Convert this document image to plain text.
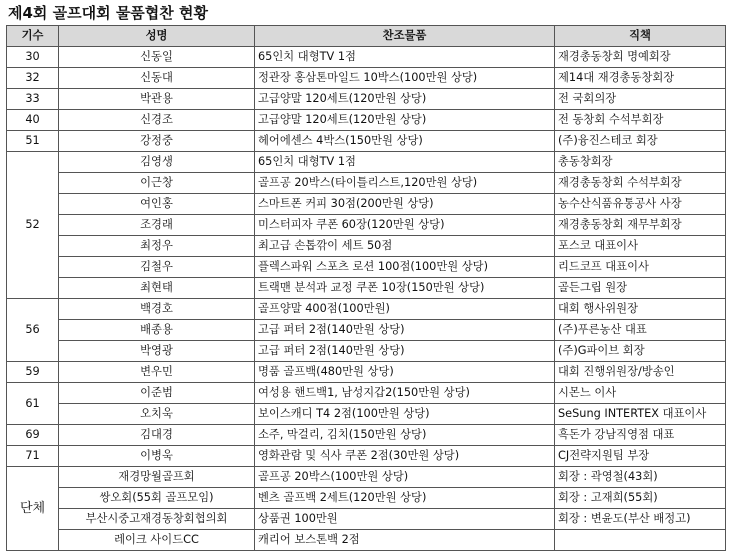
제4회 골프대회 물품협찬 현황
기수	성명	찬조물품	직책
30	신동일	65인치 대형TV 1점	재경총동창회 명예회장
32	신동대	정관장 홍삼톤마일드 10박스(100만원 상당)	제14대 재경총동창회장
33	박관용	고급양말 120세트(120만원 상당)	전 국회의장
40	신경조	고급양말 120세트(120만원 상당)	전 동창회 수석부회장
51	강정중	헤어에센스 4박스(150만원 상당)	(주)융진스테코 회장
52	김영생	65인치 대형TV 1점	총동창회장
	이근창	골프공 20박스(타이틀리스트,120만원 상당)	재경총동창회 수석부회장
	여인홍	스마트폰 커피 30점(200만원 상당)	농수산식품유통공사 사장
	조경래	미스터피자 쿠폰 60장(120만원 상당)	재경총동창회 재무부회장
	최정우	최고급 손톱깎이 세트 50점	포스코 대표이사
	김철우	플렉스파워 스포츠 로션 100점(100만원 상당)	리드코프 대표이사
	최현태	트랙맨 분석과 교정 쿠폰 10장(150만원 상당)	골든그립 원장
56	백경호	골프양말 400점(100만원)	대회 행사위원장
	배종용	고급 퍼터 2점(140만원 상당)	(주)푸른농산 대표
	박영광	고급 퍼터 2점(140만원 상당)	(주)G파이브 회장
59	변우민	명품 골프백(480만원 상당)	대회 진행위원장/방송인
61	이준범	여성용 핸드백1, 남성지갑2(150만원 상당)	시몬느 이사
	오치욱	보이스캐디 T4 2점(100만원 상당)	SeSung INTERTEX 대표이사
69	김대경	소주, 막걸리, 김치(150만원 상당)	흑돈가 강남직영점 대표
71	이병욱	영화관람 및 식사 쿠폰 2점(30만원 상당)	CJ전략지원팀 부장
단체	재경망월골프회	골프공 20박스(100만원 상당)	회장 : 곽영철(43회)
	쌍오회(55회 골프모임)	벤츠 골프백 2세트(120만원 상당)	회장 : 고재희(55회)
	부산시중고재경동창회협의회	상품권 100만원	회장 : 변윤도(부산 배정고)
	레이크 사이드CC	캐리어 보스톤백 2점	
